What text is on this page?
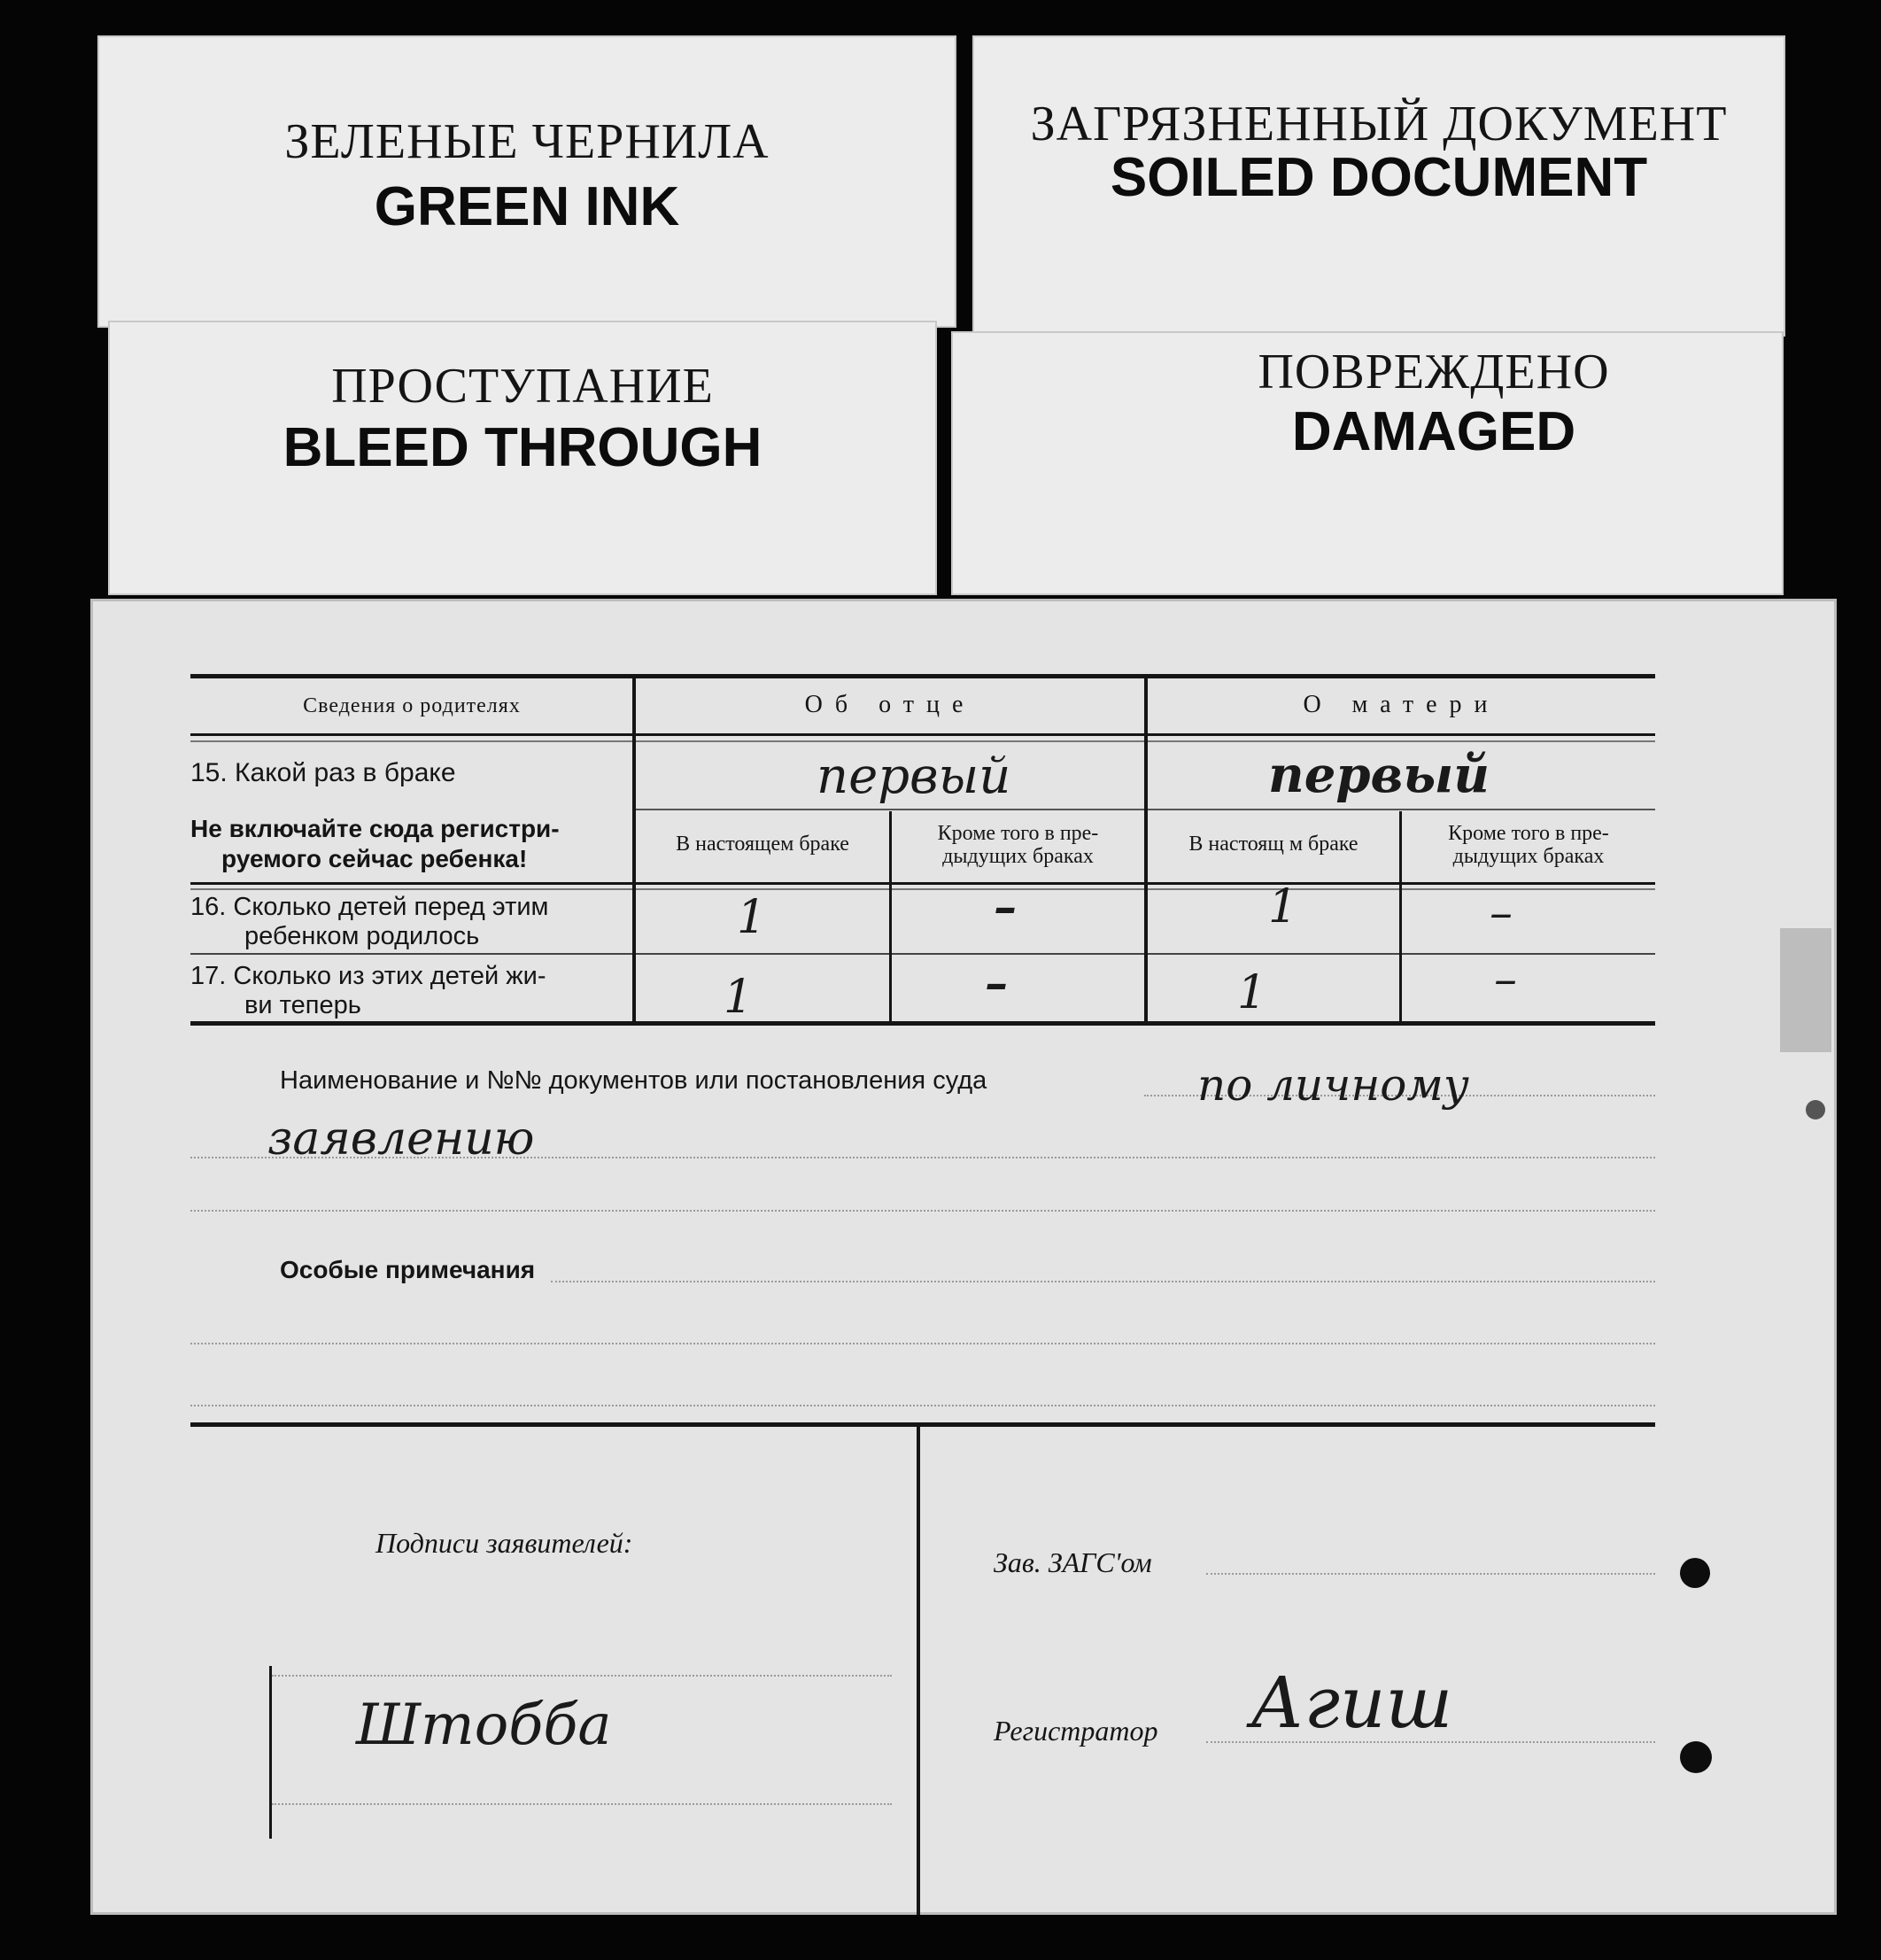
ЗЕЛЕНЫЕ ЧЕРНИЛА
GREEN INK
ЗАГРЯЗНЕННЫЙ ДОКУМЕНТ
SOILED DOCUMENT
ПРОСТУПАНИЕ
BLEED THROUGH
ПОВРЕЖДЕНО
DAMAGED
Сведения о родителях	Об отце	О матери
15. Какой раз в браке	первый	первый
Не включайте сюда регистри-
руемого сейчас ребенка!
В настоящем браке	Кроме того в пре-
дыдущих браках
В настоящ м браке	Кроме того в пре-
дыдущих браках
16. Сколько детей перед этим
ребенком родилось	1	–	1	–
17. Сколько из этих детей жи-
ви теперь	1	–	1	–
Наименование и №№ документов или постановления суда	по личному
заявлению
Особые примечания
Подписи заявителей:
Штобба
Зав. ЗАГС'ом
Регистратор Агиш
